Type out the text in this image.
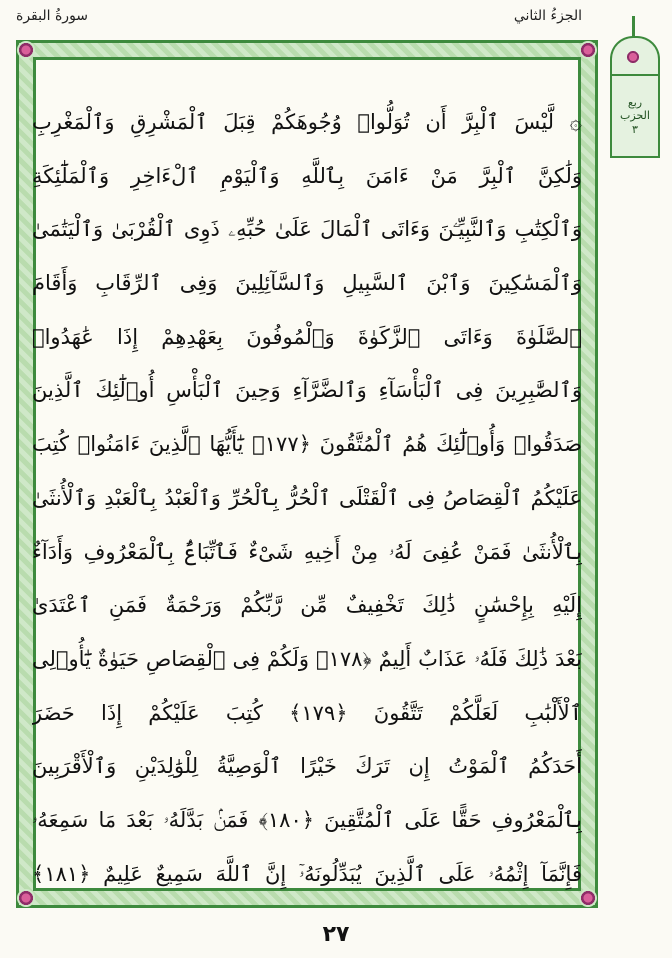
سورةُ البقرة	الجزءُ الثاني
ربع
الحزب
٣
۞ لَّيْسَ ٱلْبِرَّ أَن تُوَلُّوا۟ وُجُوهَكُمْ قِبَلَ ٱلْمَشْرِقِ وَٱلْمَغْرِبِ
وَلَٰكِنَّ ٱلْبِرَّ مَنْ ءَامَنَ بِٱللَّهِ وَٱلْيَوْمِ ٱلْءَاخِرِ وَٱلْمَلَٰٓئِكَةِ
وَٱلْكِتَٰبِ وَٱلنَّبِيِّـۧنَ وَءَاتَى ٱلْمَالَ عَلَىٰ حُبِّهِۦ ذَوِى ٱلْقُرْبَىٰ وَٱلْيَتَٰمَىٰ
وَٱلْمَسَٰكِينَ وَٱبْنَ ٱلسَّبِيلِ وَٱلسَّآئِلِينَ وَفِى ٱلرِّقَابِ وَأَقَامَ
ٱلصَّلَوٰةَ وَءَاتَى ٱلزَّكَوٰةَ وَٱلْمُوفُونَ بِعَهْدِهِمْ إِذَا عَٰهَدُوا۟
وَٱلصَّٰبِرِينَ فِى ٱلْبَأْسَآءِ وَٱلضَّرَّآءِ وَحِينَ ٱلْبَأْسِ أُو۟لَٰٓئِكَ ٱلَّذِينَ
صَدَقُوا۟ وَأُو۟لَٰٓئِكَ هُمُ ٱلْمُتَّقُونَ ﴿١٧٧﴾ يَٰٓأَيُّهَا ٱلَّذِينَ ءَامَنُوا۟ كُتِبَ
عَلَيْكُمُ ٱلْقِصَاصُ فِى ٱلْقَتْلَى ٱلْحُرُّ بِٱلْحُرِّ وَٱلْعَبْدُ بِٱلْعَبْدِ وَٱلْأُنثَىٰ
بِٱلْأُنثَىٰ فَمَنْ عُفِىَ لَهُۥ مِنْ أَخِيهِ شَىْءٌ فَٱتِّبَاعٌۢ بِٱلْمَعْرُوفِ وَأَدَآءٌ
إِلَيْهِ بِإِحْسَٰنٍ ذَٰلِكَ تَخْفِيفٌ مِّن رَّبِّكُمْ وَرَحْمَةٌ فَمَنِ ٱعْتَدَىٰ
بَعْدَ ذَٰلِكَ فَلَهُۥ عَذَابٌ أَلِيمٌ ﴿١٧٨﴾ وَلَكُمْ فِى ٱلْقِصَاصِ حَيَوٰةٌ يَٰٓأُو۟لِى
ٱلْأَلْبَٰبِ لَعَلَّكُمْ تَتَّقُونَ ﴿١٧٩﴾ كُتِبَ عَلَيْكُمْ إِذَا حَضَرَ
أَحَدَكُمُ ٱلْمَوْتُ إِن تَرَكَ خَيْرًا ٱلْوَصِيَّةُ لِلْوَٰلِدَيْنِ وَٱلْأَقْرَبِينَ
بِٱلْمَعْرُوفِ حَقًّا عَلَى ٱلْمُتَّقِينَ ﴿١٨٠﴾ فَمَنۢ بَدَّلَهُۥ بَعْدَ مَا سَمِعَهُۥ
فَإِنَّمَآ إِثْمُهُۥ عَلَى ٱلَّذِينَ يُبَدِّلُونَهُۥٓ إِنَّ ٱللَّهَ سَمِيعٌ عَلِيمٌ ﴿١٨١﴾
٢٧
